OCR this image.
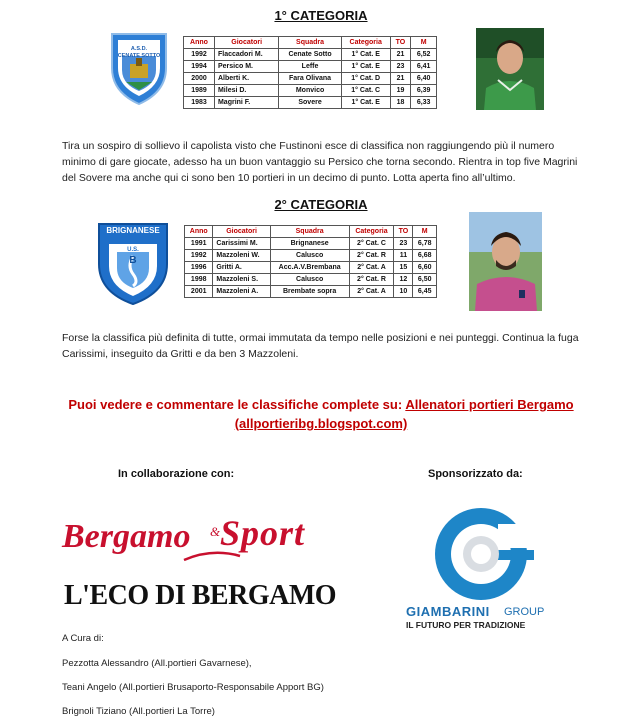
1° CATEGORIA
A.S.D.
CENATE SOTTO
Anno	Giocatori	Squadra	Categoria	TO	M
1992	Flaccadori M.	Cenate Sotto	1° Cat. E	21	6,52
1994	Persico M.	Leffe	1° Cat. E	23	6,41
2000	Alberti K.	Fara Olivana	1° Cat. D	21	6,40
1989	Milesi D.	Monvico	1° Cat. C	19	6,39
1983	Magrini F.	Sovere	1° Cat. E	18	6,33
Tira un sospiro di sollievo il capolista visto che Fustinoni esce di classifica non raggiungendo più il numero minimo di gare giocate, adesso ha un buon vantaggio su Persico che torna secondo. Rientra in top five Magrini del Sovere ma anche qui ci sono ben 10 portieri in un decimo di punto. Lotta aperta fino all’ultimo.
2° CATEGORIA
BRIGNANESE
U.S.
B
Anno	Giocatori	Squadra	Categoria	TO	M
1991	Carissimi M.	Brignanese	2° Cat. C	23	6,78
1992	Mazzoleni W.	Calusco	2° Cat. R	11	6,68
1996	Gritti A.	Acc.A.V.Brembana	2° Cat. A	15	6,60
1998	Mazzoleni S.	Calusco	2° Cat. R	12	6,50
2001	Mazzoleni A.	Brembate sopra	2° Cat. A	10	6,45
Forse la classifica più definita di tutte, ormai immutata da tempo nelle posizioni e nei punteggi. Continua la fuga Carissimi, inseguito da Gritti e da ben 3 Mazzoleni.
Puoi vedere e commentare le classifiche complete su: Allenatori portieri Bergamo
(allportieribg.blogspot.com)
In collaborazione con:	Sponsorizzato da:
Bergamo & Sport
L'ECO DI BERGAMO
GIAMBARINI GROUP
IL FUTURO PER TRADIZIONE
A Cura di:
Pezzotta Alessandro (All.portieri Gavarnese),
Teani Angelo (All.portieri Brusaporto-Responsabile Apport BG)
Brignoli Tiziano (All.portieri La Torre)
